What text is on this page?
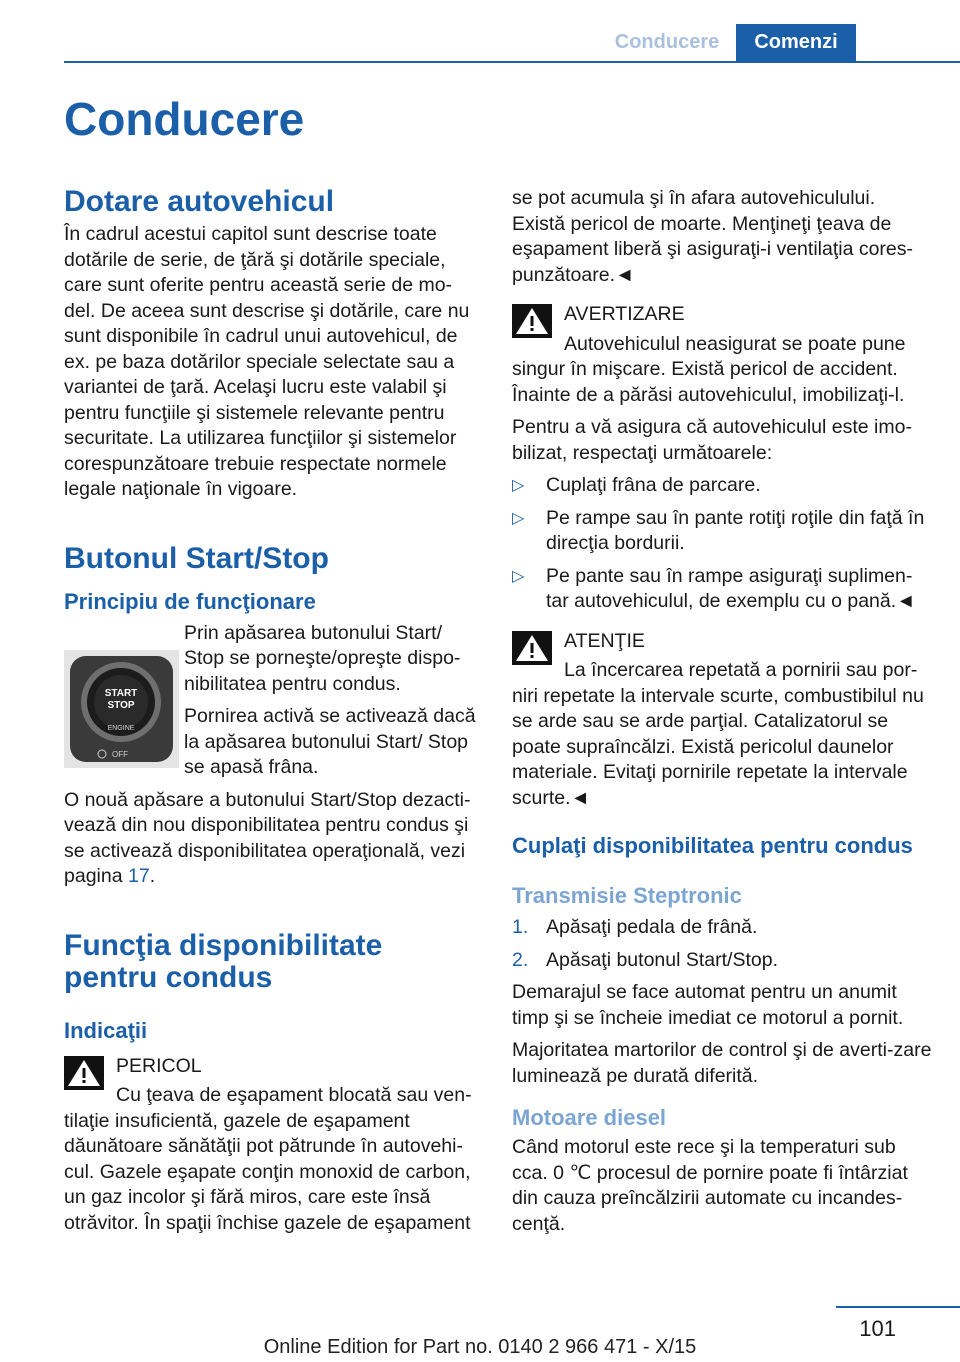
Conducere	Comenzi
Conducere
Dotare autovehicul

În cadrul acestui capitol sunt descrise toate dotările de serie, de ţără şi dotările speciale, care sunt oferite pentru această serie de mo-del. De aceea sunt descrise şi dotările, care nu sunt disponibile în cadrul unui autovehicul, de ex. pe baza dotărilor speciale selectate sau a variantei de ţară. Acelaşi lucru este valabil şi pentru funcţiile şi sistemele relevante pentru securitate. La utilizarea funcţiilor şi sistemelor corespunzătoare trebuie respectate normele legale naţionale în vigoare.

Butonul Start/Stop
Principiu de funcţionare

Prin apăsarea butonului Start/ Stop se porneşte/opreşte dispo-nibilitatea pentru condus.

Pornirea activă se activează dacă la apăsarea butonului Start/ Stop se apasă frâna.

O nouă apăsare a butonului Start/Stop dezacti-vează din nou disponibilitatea pentru condus şi se activează disponibilitatea operaţională, vezi pagina 17.

Funcţia disponibilitate pentru condus
Indicaţii
PERICOL

Cu ţeava de eşapament blocată sau ven-tilaţie insuficientă, gazele de eşapament dăunătoare sănătăţii pot pătrunde în autovehi-cul. Gazele eşapate conţin monoxid de carbon, un gaz incolor şi fără miros, care este însă otrăvitor. În spaţii închise gazele de eşapament

START
STOP
ENGINE
OFF

se pot acumula şi în afara autovehiculului. Există pericol de moarte. Menţineţi ţeava de eşapament liberă şi asiguraţi-i ventilaţia cores-punzătoare.◄

AVERTIZARE

Autovehiculul neasigurat se poate pune singur în mişcare. Există pericol de accident. Înainte de a părăsi autovehiculul, imobilizaţi-l.

Pentru a vă asigura că autovehiculul este imo-bilizat, respectaţi următoarele:

▷ Cuplaţi frâna de parcare.
▷ Pe rampe sau în pante rotiţi roţile din faţă în direcţia bordurii.
▷ Pe pante sau în rampe asiguraţi suplimen-tar autovehiculul, de exemplu cu o pană.◄
ATENŢIE

La încercarea repetată a pornirii sau por-niri repetate la intervale scurte, combustibilul nu se arde sau se arde parţial. Catalizatorul se poate supraîncălzi. Există pericolul daunelor materiale. Evitaţi pornirile repetate la intervale scurte.◄

Cuplaţi disponibilitatea pentru condus
Transmisie Steptronic
1. Apăsaţi pedala de frână.
2. Apăsaţi butonul Start/Stop.

Demarajul se face automat pentru un anumit timp şi se încheie imediat ce motorul a pornit.

Majoritatea martorilor de control şi de averti-zare luminează pe durată diferită.

Motoare diesel

Când motorul este rece şi la temperaturi sub cca. 0 ℃ procesul de pornire poate fi întârziat din cauza preîncălzirii automate cu incandes-cenţă.

101
Online Edition for Part no. 0140 2 966 471 - X/15
